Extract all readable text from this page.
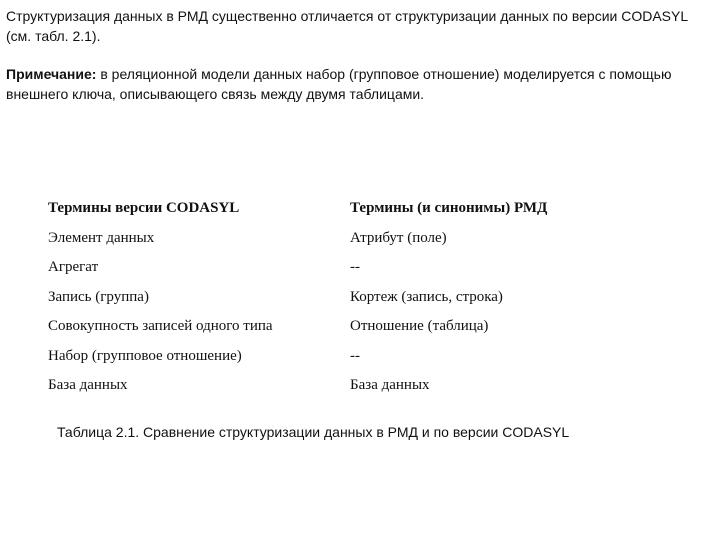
Структуризация данных в РМД существенно отличается от структуризации данных по версии CODASYL (см. табл. 2.1).

Примечание: в реляционной модели данных набор (групповое отношение) моделируется с помощью внешнего ключа, описывающего связь между двумя таблицами.

Термины версии CODASYL	Термины (и синонимы) РМД
Элемент данных	Атрибут (поле)
Агрегат	--
Запись (группа)	Кортеж (запись, строка)
Совокупность записей одного типа	Отношение (таблица)
Набор (групповое отношение)	--
База данных	База данных
Таблица 2.1. Сравнение структуризации данных в РМД и по версии CODASYL
